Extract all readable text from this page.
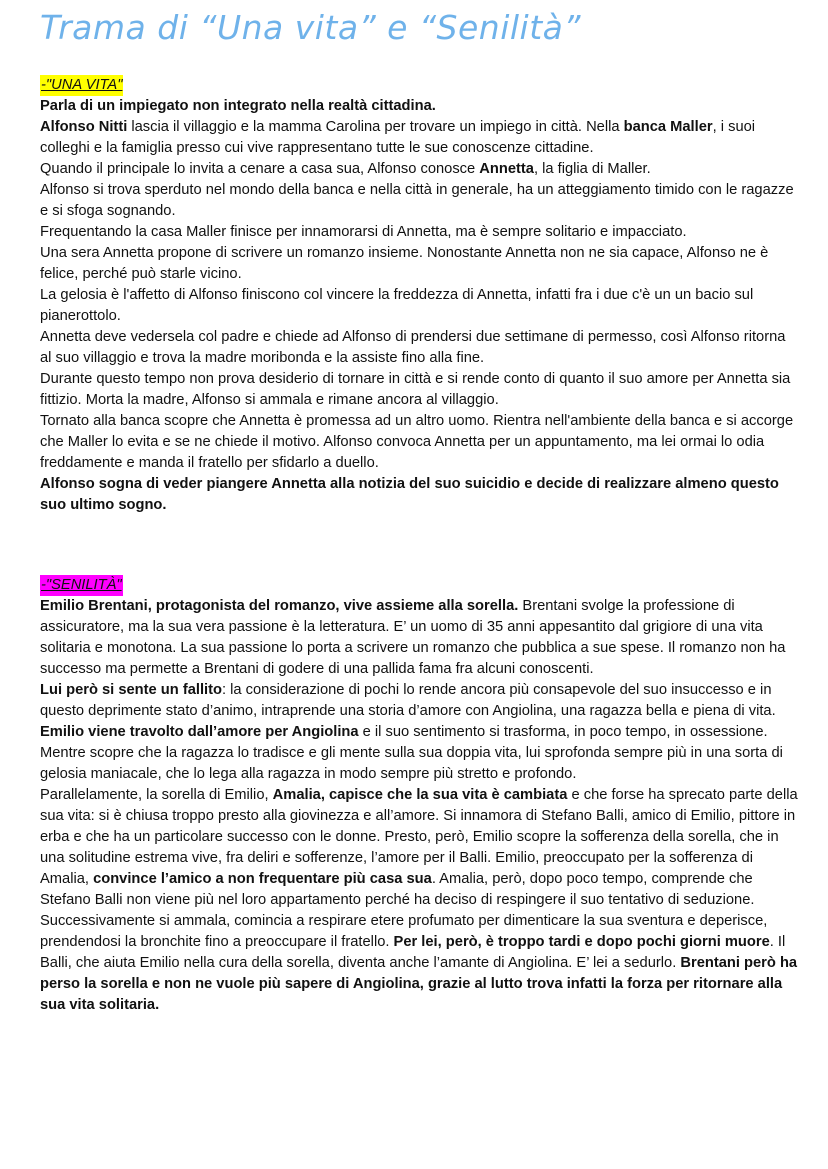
Trama di “Una vita” e “Senilità”
-"UNA VITA"

Parla di un impiegato non integrato nella realtà cittadina.

Alfonso Nitti lascia il villaggio e la mamma Carolina per trovare un impiego in città. Nella banca Maller, i suoi colleghi e la famiglia presso cui vive rappresentano tutte le sue conoscenze cittadine.

Quando il principale lo invita a cenare a casa sua, Alfonso conosce Annetta, la figlia di Maller.

Alfonso si trova sperduto nel mondo della banca e nella città in generale, ha un atteggiamento timido con le ragazze e si sfoga sognando.

Frequentando la casa Maller finisce per innamorarsi di Annetta, ma è sempre solitario e impacciato.

Una sera Annetta propone di scrivere un romanzo insieme. Nonostante Annetta non ne sia capace, Alfonso ne è felice, perché può starle vicino.

La gelosia è l'affetto di Alfonso finiscono col vincere la freddezza di Annetta, infatti fra i due c'è un un bacio sul pianerottolo.

Annetta deve vedersela col padre e chiede ad Alfonso di prendersi due settimane di permesso, così Alfonso ritorna al suo villaggio e trova la madre moribonda e la assiste fino alla fine.

Durante questo tempo non prova desiderio di tornare in città e si rende conto di quanto il suo amore per Annetta sia fittizio. Morta la madre, Alfonso si ammala e rimane ancora al villaggio.

Tornato alla banca scopre che Annetta è promessa ad un altro uomo. Rientra nell'ambiente della banca e si accorge che Maller lo evita e se ne chiede il motivo. Alfonso convoca Annetta per un appuntamento, ma lei ormai lo odia freddamente e manda il fratello per sfidarlo a duello.

Alfonso sogna di veder piangere Annetta alla notizia del suo suicidio e decide di realizzare almeno questo suo ultimo sogno.

-"SENILITÀ"

Emilio Brentani, protagonista del romanzo, vive assieme alla sorella. Brentani svolge la professione di assicuratore, ma la sua vera passione è la letteratura. E’ un uomo di 35 anni appesantito dal grigiore di una vita solitaria e monotona. La sua passione lo porta a scrivere un romanzo che pubblica a sue spese. Il romanzo non ha successo ma permette a Brentani di godere di una pallida fama fra alcuni conoscenti.

Lui però si sente un fallito: la considerazione di pochi lo rende ancora più consapevole del suo insuccesso e in questo deprimente stato d’animo, intraprende una storia d’amore con Angiolina, una ragazza bella e piena di vita. Emilio viene travolto dall’amore per Angiolina e il suo sentimento si trasforma, in poco tempo, in ossessione. Mentre scopre che la ragazza lo tradisce e gli mente sulla sua doppia vita, lui sprofonda sempre più in una sorta di gelosia maniacale, che lo lega alla ragazza in modo sempre più stretto e profondo.

Parallelamente, la sorella di Emilio, Amalia, capisce che la sua vita è cambiata e che forse ha sprecato parte della sua vita: si è chiusa troppo presto alla giovinezza e all’amore. Si innamora di Stefano Balli, amico di Emilio, pittore in erba e che ha un particolare successo con le donne. Presto, però, Emilio scopre la sofferenza della sorella, che in una solitudine estrema vive, fra deliri e sofferenze, l’amore per il Balli. Emilio, preoccupato per la sofferenza di Amalia, convince l’amico a non frequentare più casa sua. Amalia, però, dopo poco tempo, comprende che Stefano Balli non viene più nel loro appartamento perché ha deciso di respingere il suo tentativo di seduzione. Successivamente si ammala, comincia a respirare etere profumato per dimenticare la sua sventura e deperisce, prendendosi la bronchite fino a preoccupare il fratello. Per lei, però, è troppo tardi e dopo pochi giorni muore. Il Balli, che aiuta Emilio nella cura della sorella, diventa anche l’amante di Angiolina. E’ lei a sedurlo. Brentani però ha perso la sorella e non ne vuole più sapere di Angiolina, grazie al lutto trova infatti la forza per ritornare alla sua vita solitaria.
